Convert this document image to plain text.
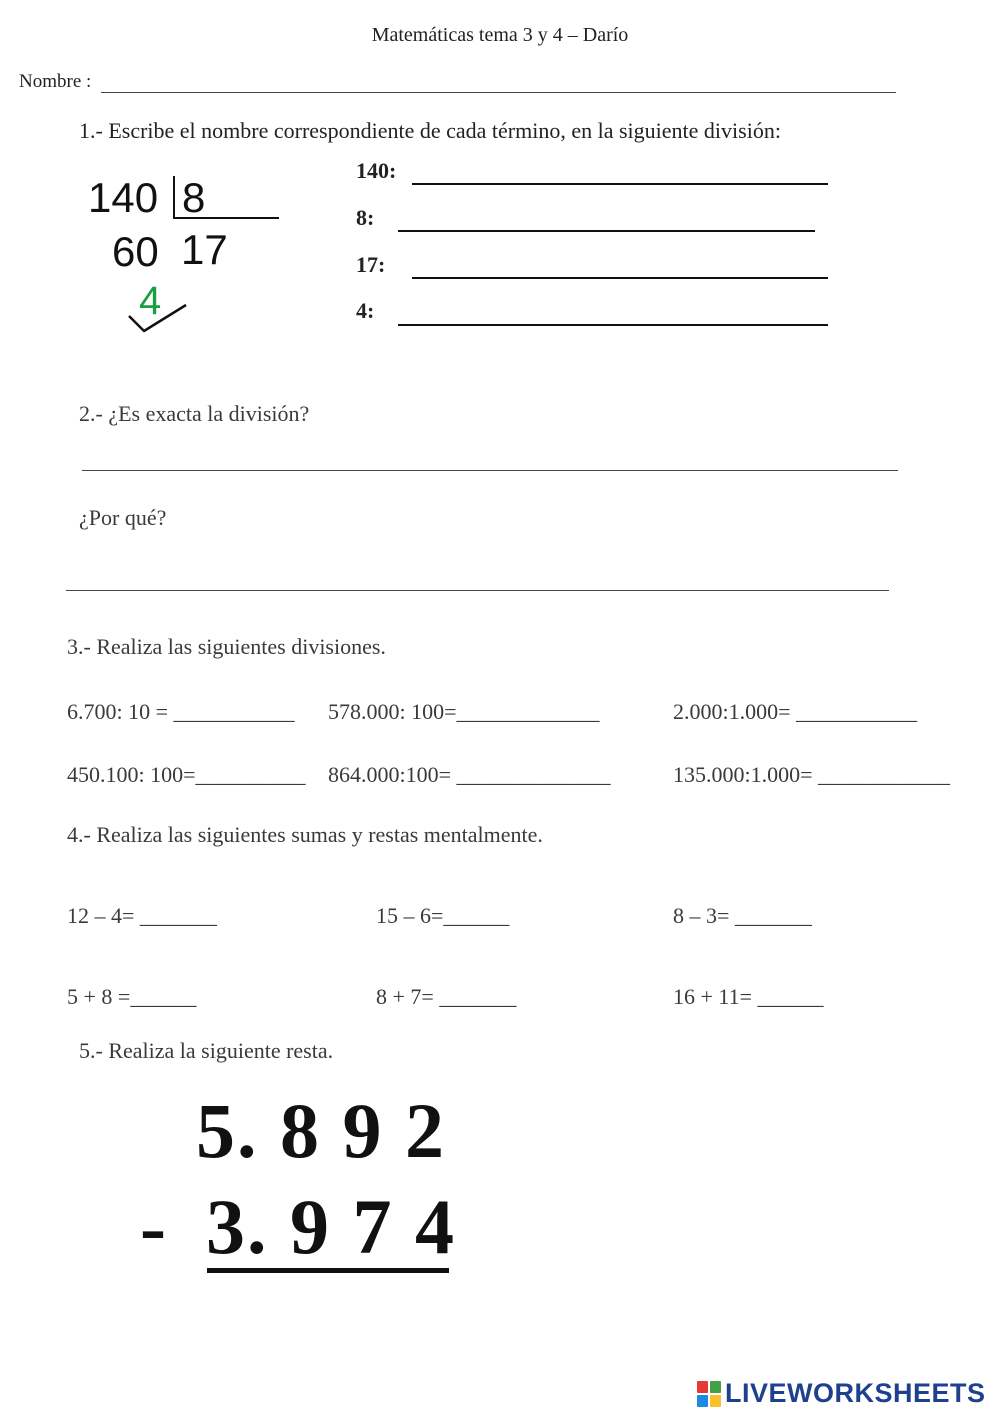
Matemáticas tema 3 y 4 – Darío
Nombre :
1.- Escribe el nombre correspondiente de cada término, en la siguiente división:
140 8
60 17
4
140:
8:
17:
4:
2.- ¿Es exacta la división?
¿Por qué?
3.- Realiza las siguientes divisiones.
6.700: 10 = ___________ 578.000: 100=_____________	2.000:1.000= ___________
450.100: 100=__________ 864.000:100= ______________	135.000:1.000= ____________
4.- Realiza las siguientes sumas y restas mentalmente.
12 – 4= _______	15 – 6=______	8 – 3= _______
5 + 8 =______	8 + 7= _______	16 + 11= ______
5.- Realiza la siguiente resta.
5. 8 9 2
- 3. 9 7 4
LIVEWORKSHEETS
